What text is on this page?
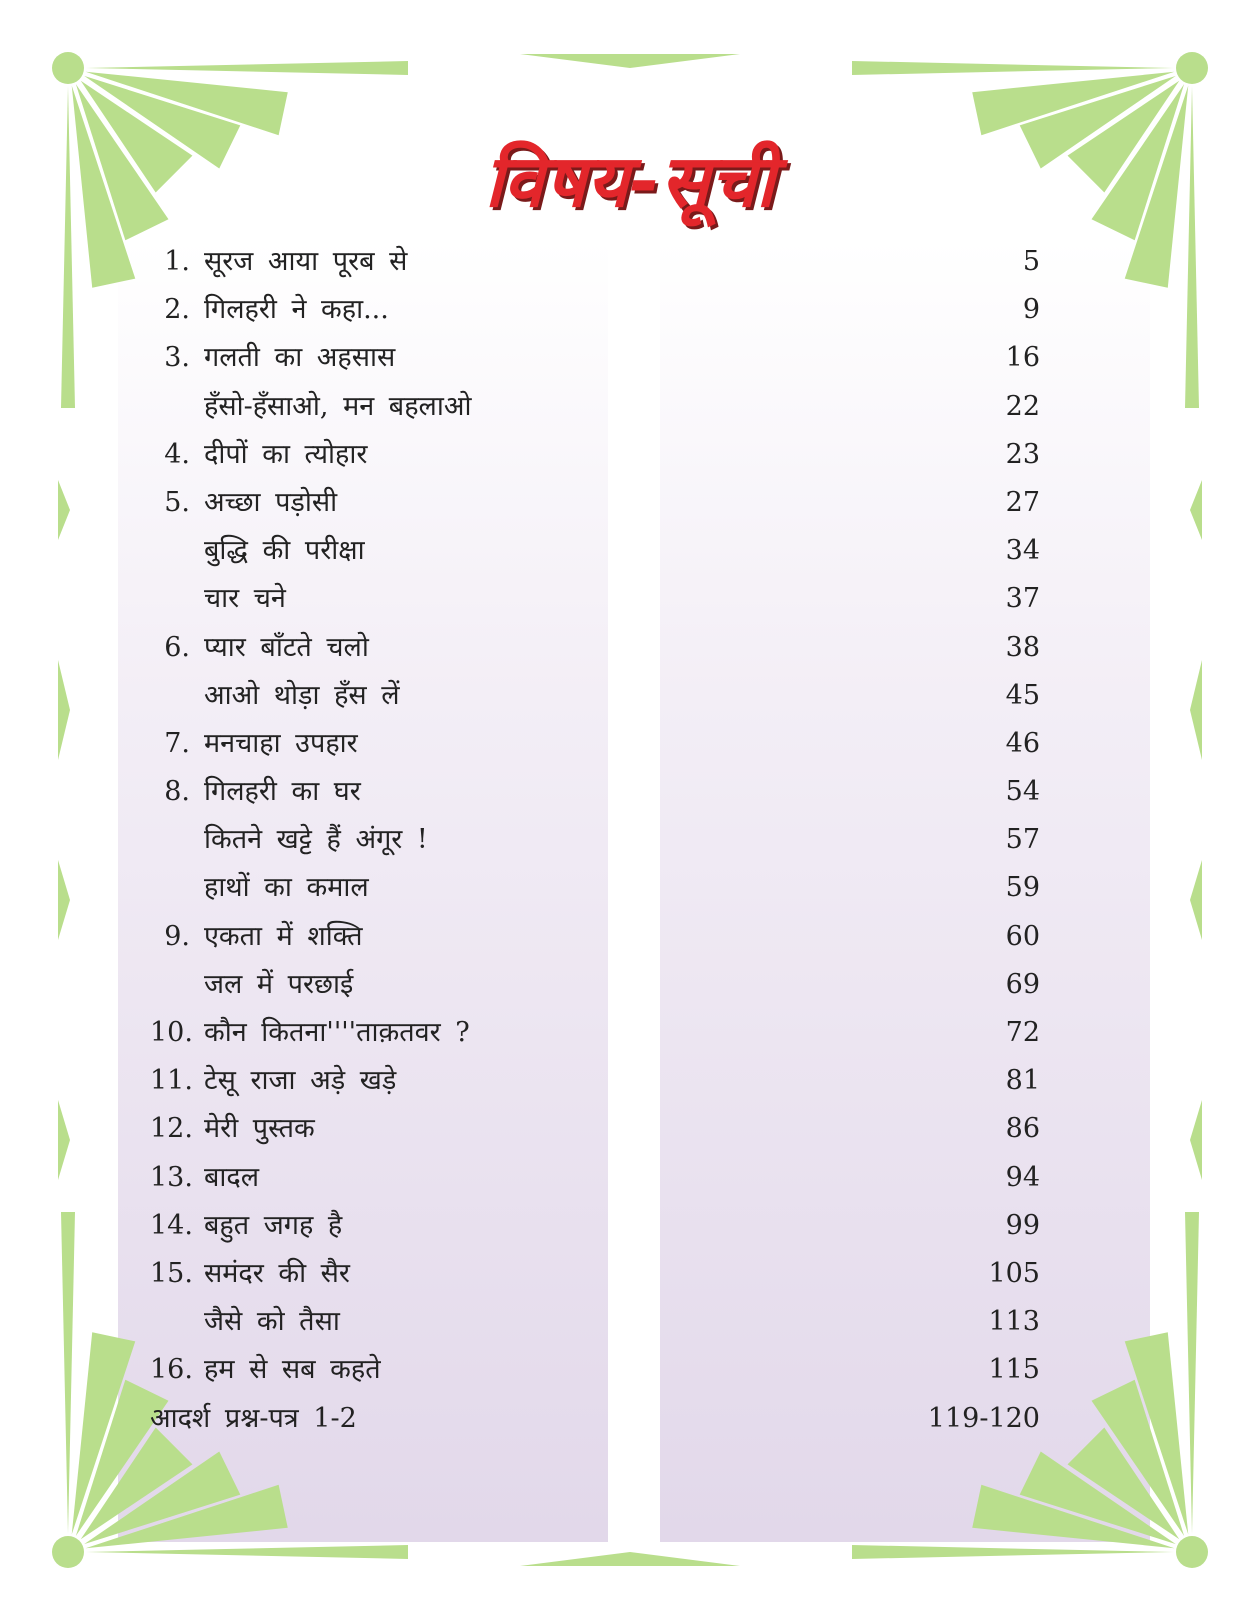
विषय-सूची
1. सूरज आया पूरब से	5
2. गिलहरी ने कहा...	9
3. गलती का अहसास	16
हँसो-हँसाओ, मन बहलाओ	22
4. दीपों का त्योहार	23
5. अच्छा पड़ोसी	27
बुद्धि की परीक्षा	34
चार चने	37
6. प्यार बाँटते चलो	38
आओ थोड़ा हँस लें	45
7. मनचाहा उपहार	46
8. गिलहरी का घर	54
कितने खट्टे हैं अंगूर !	57
हाथों का कमाल	59
9. एकता में शक्ति	60
जल में परछाई	69
10. कौन कितना''''ताक़तवर ?	72
11. टेसू राजा अड़े खड़े	81
12. मेरी पुस्तक	86
13. बादल	94
14. बहुत जगह है	99
15. समंदर की सैर	105
जैसे को तैसा	113
16. हम से सब कहते	115
आदर्श प्रश्न-पत्र 1-2	119-120
